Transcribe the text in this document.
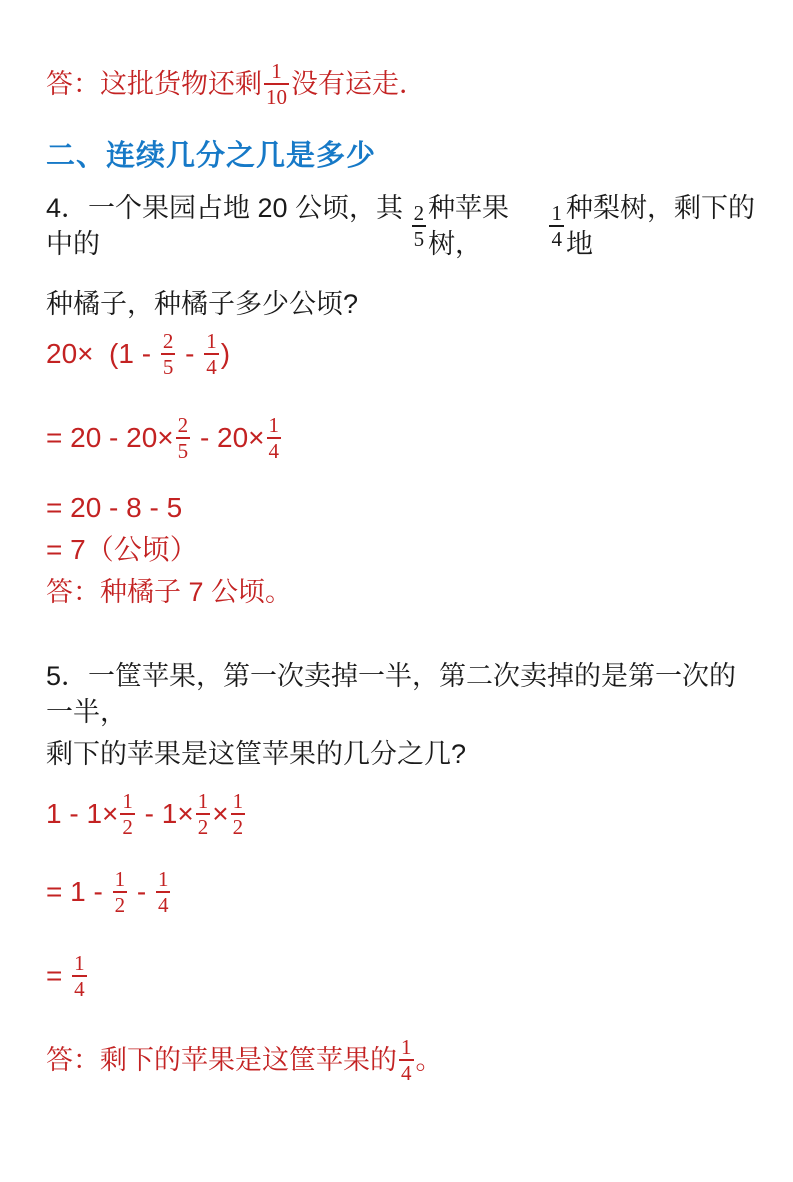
答：这批货物还剩 $\frac{1}{10}$ 没有运走．
二、连续几分之几是多少
4．一个果园占地 20 公顷，其中的	$\frac{2}{5}$ 种苹果树，	$\frac{1}{4}$ 种梨树，剩下的地
种橘子，种橘子多少公顷?
$20\times (1 - \frac{2}{5} - \frac{1}{4}$ )
= $20 - 20\times \frac{2}{5} - 20\times \frac{1}{4}$
= 20 - 8 - 5
= 7（公顷）
答：种橘子 7 公顷。
5．一筐苹果，第一次卖掉一半，第二次卖掉的是第一次的一半，
剩下的苹果是这筐苹果的几分之几?
$1 - 1\times \frac{1}{2} - 1\times \frac{1}{2} \times \frac{1}{2}$
= $1 - \frac{1}{2} - \frac{1}{4}$
= $\frac{1}{4}$
答：剩下的苹果是这筐苹果的 $\frac{1}{4}$ 。
